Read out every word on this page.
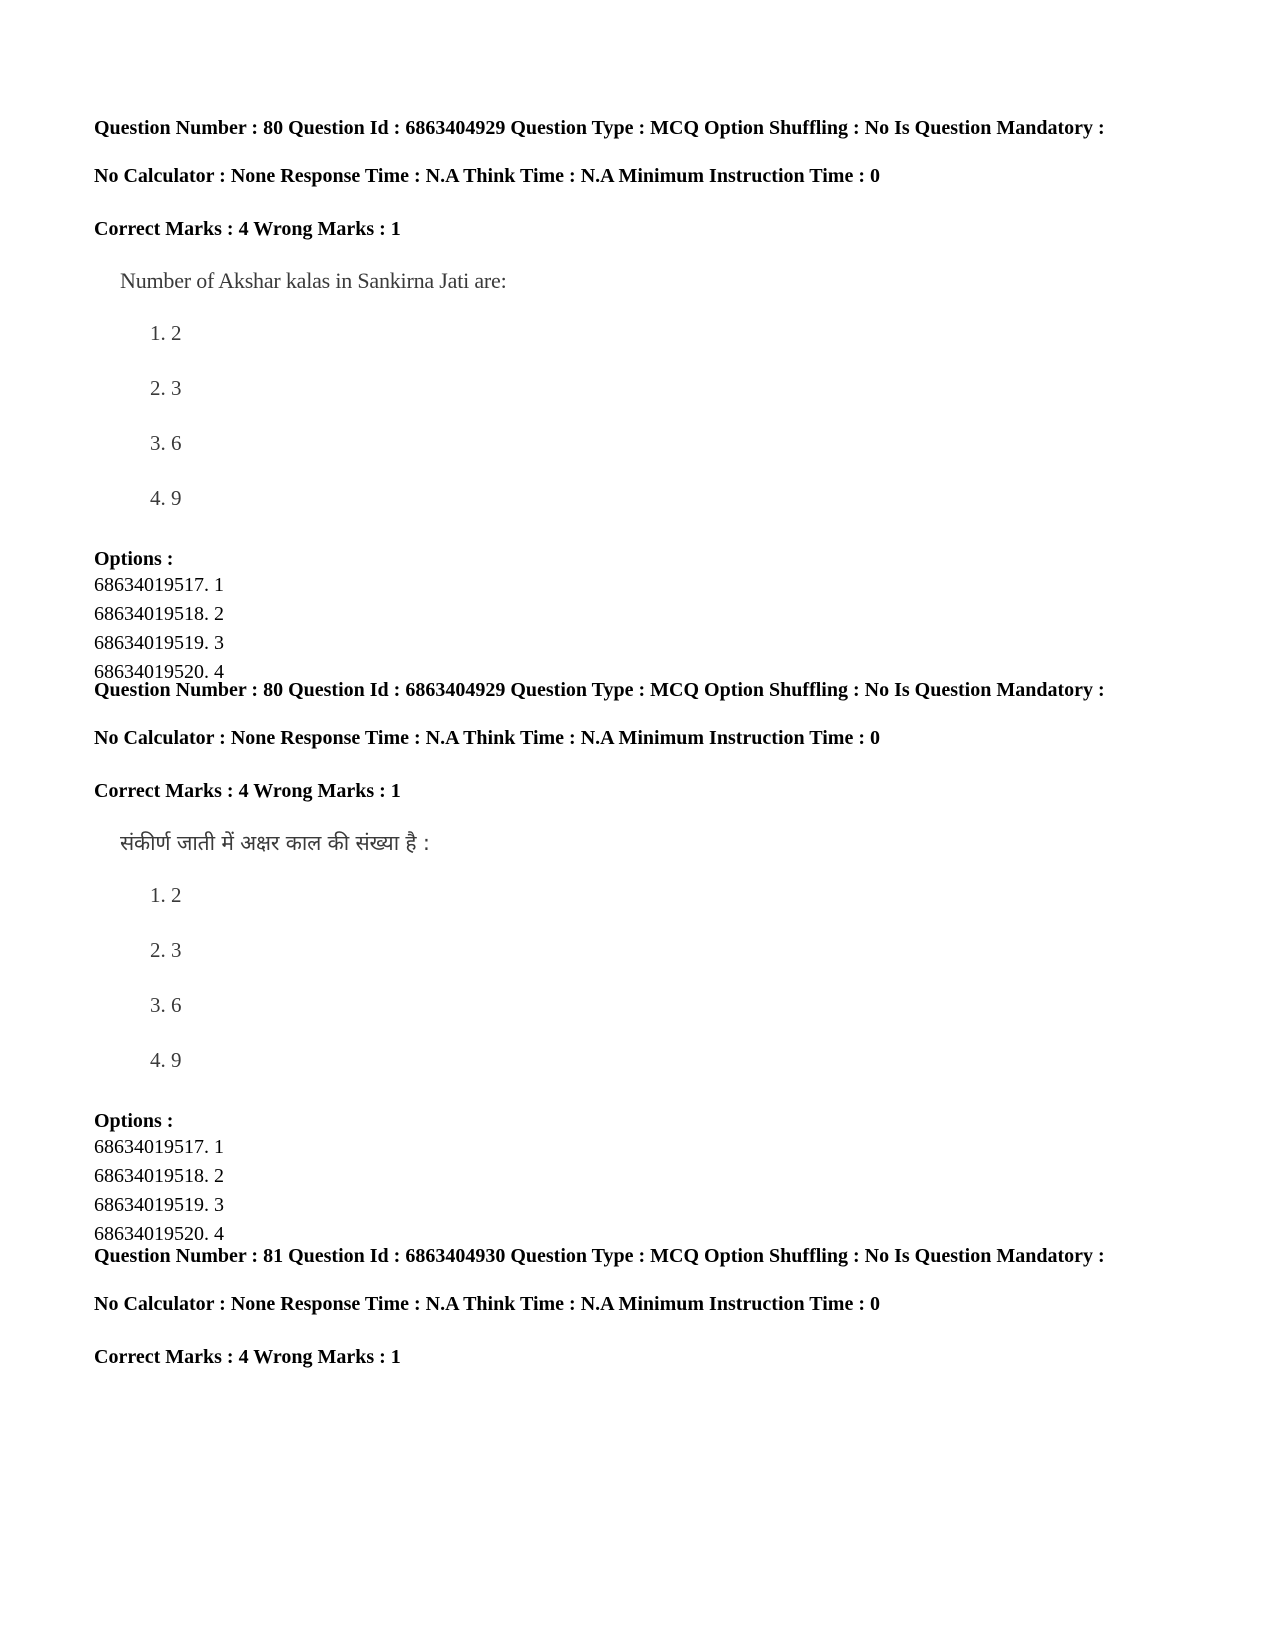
Question Number : 80 Question Id : 6863404929 Question Type : MCQ Option Shuffling : No Is Question Mandatory :

No Calculator : None Response Time : N.A Think Time : N.A Minimum Instruction Time : 0

Correct Marks : 4 Wrong Marks : 1
Number of Akshar kalas in Sankirna Jati are:
1. 2
2. 3
3. 6
4. 9
Options :
68634019517. 1
68634019518. 2
68634019519. 3
68634019520. 4

Question Number : 80 Question Id : 6863404929 Question Type : MCQ Option Shuffling : No Is Question Mandatory :

No Calculator : None Response Time : N.A Think Time : N.A Minimum Instruction Time : 0

Correct Marks : 4 Wrong Marks : 1
संकीर्ण जाती में अक्षर काल की संख्या है :
1. 2
2. 3
3. 6
4. 9
Options :
68634019517. 1
68634019518. 2
68634019519. 3
68634019520. 4

Question Number : 81 Question Id : 6863404930 Question Type : MCQ Option Shuffling : No Is Question Mandatory :

No Calculator : None Response Time : N.A Think Time : N.A Minimum Instruction Time : 0

Correct Marks : 4 Wrong Marks : 1
